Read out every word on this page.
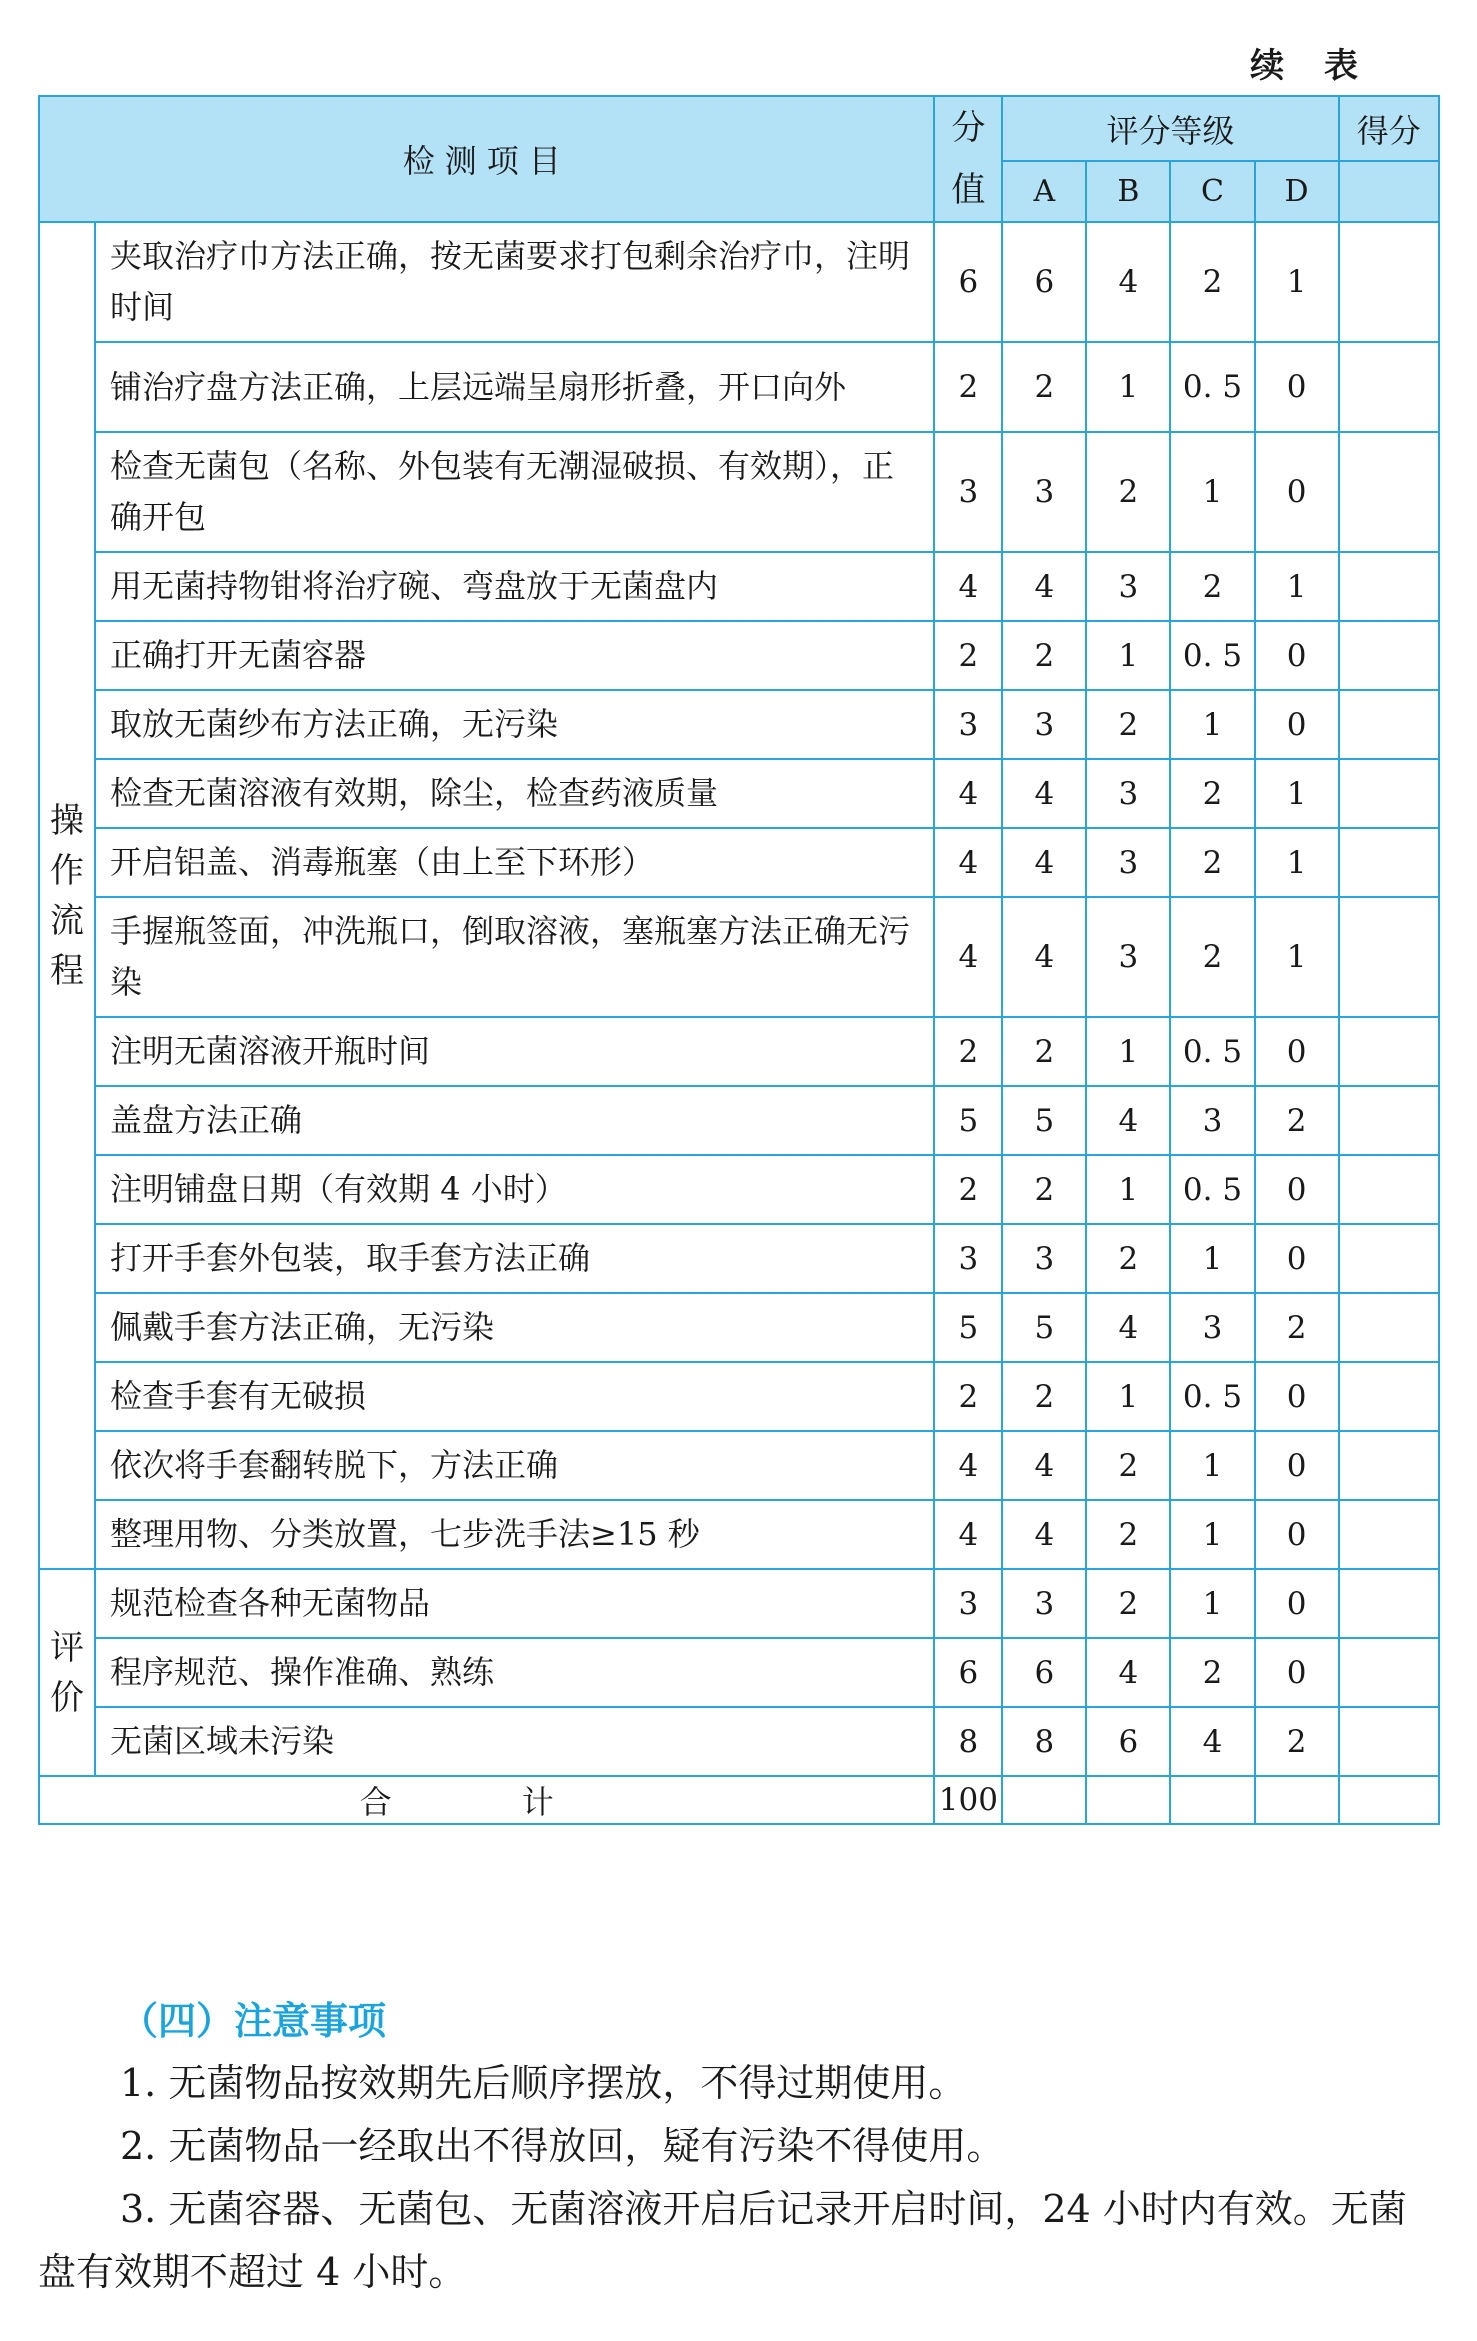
续 表
检测项目		分值	评分等级				得分
			A	B	C	D	

操
作
流
程	夹取治疗巾方法正确，按无菌要求打包剩余治疗巾，注明时间	6	6	4	2	1	
	铺治疗盘方法正确，上层远端呈扇形折叠，开口向外	2	2	1	0. 5	0	
	检查无菌包（名称、外包装有无潮湿破损、有效期），正确开包	3	3	2	1	0	
	用无菌持物钳将治疗碗、弯盘放于无菌盘内	4	4	3	2	1	
	正确打开无菌容器	2	2	1	0. 5	0	
	取放无菌纱布方法正确，无污染	3	3	2	1	0	
	检查无菌溶液有效期，除尘，检查药液质量	4	4	3	2	1	
	开启铝盖、消毒瓶塞（由上至下环形）	4	4	3	2	1	
	手握瓶签面，冲洗瓶口，倒取溶液，塞瓶塞方法正确无污染	4	4	3	2	1	
	注明无菌溶液开瓶时间	2	2	1	0. 5	0	
	盖盘方法正确	5	5	4	3	2	
	注明铺盘日期（有效期 4 小时）	2	2	1	0. 5	0	
	打开手套外包装，取手套方法正确	3	3	2	1	0	
	佩戴手套方法正确，无污染	5	5	4	3	2	
	检查手套有无破损	2	2	1	0. 5	0	
	依次将手套翻转脱下，方法正确	4	4	2	1	0	
	整理用物、分类放置，七步洗手法≥15 秒	4	4	2	1	0	

评
价	规范检查各种无菌物品	3	3	2	1	0	
	程序规范、操作准确、熟练	6	6	4	2	0	
	无菌区域未污染	8	8	6	4	2	
合 计		100					
（四）注意事项

1. 无菌物品按效期先后顺序摆放，不得过期使用。

2. 无菌物品一经取出不得放回，疑有污染不得使用。

3. 无菌容器、无菌包、无菌溶液开启后记录开启时间，24 小时内有效。无菌盘有效期不超过 4 小时。
